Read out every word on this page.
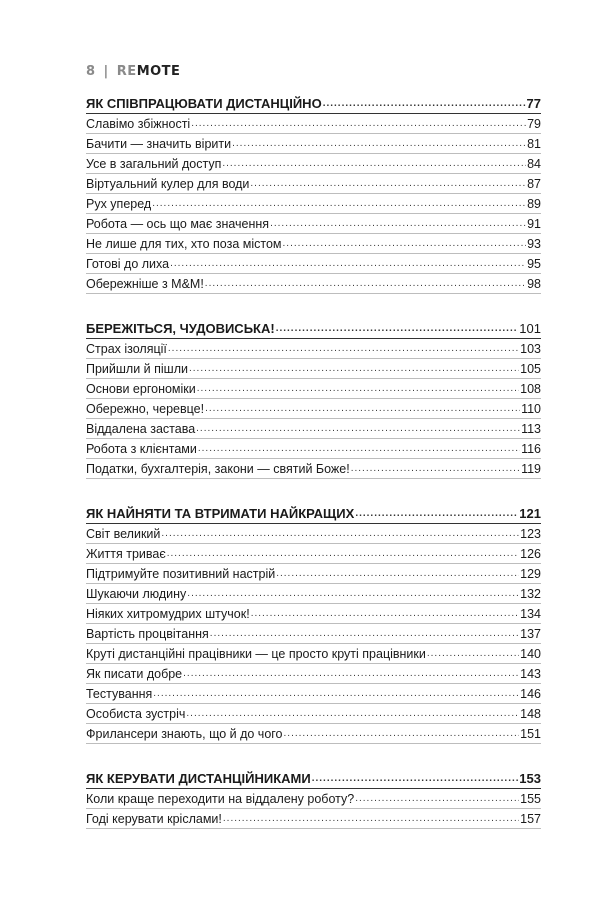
8 | REMOTE
ЯК СПІВПРАЦЮВАТИ ДИСТАНЦІЙНО .....	77
Славімо збіжності .....	79
Бачити — значить вірити .....	81
Усе в загальний доступ .....	84
Віртуальний кулер для води .....	87
Рух уперед .....	89
Робота — ось що має значення .....	91
Не лише для тих, хто поза містом .....	93
Готові до лиха .....	95
Обережніше з М&М! .....	98
БЕРЕЖІТЬСЯ, ЧУДОВИСЬКА! .....	101
Страх ізоляції .....	103
Прийшли й пішли .....	105
Основи ергономіки .....	108
Обережно, черевце! .....	110
Віддалена застава .....	113
Робота з клієнтами .....	116
Податки, бухгалтерія, закони — святий Боже! .....	119
ЯК НАЙНЯТИ ТА ВТРИМАТИ НАЙКРАЩИХ .....	121
Світ великий .....	123
Життя триває .....	126
Підтримуйте позитивний настрій .....	129
Шукаючи людину .....	132
Ніяких хитромудрих штучок! .....	134
Вартість процвітання .....	137
Круті дистанційні працівники — це просто круті працівники .....	140
Як писати добре .....	143
Тестування .....	146
Особиста зустріч .....	148
Фрилансери знають, що й до чого .....	151
ЯК КЕРУВАТИ ДИСТАНЦІЙНИКАМИ .....	153
Коли краще переходити на віддалену роботу? .....	155
Годі керувати кріслами! .....	157
